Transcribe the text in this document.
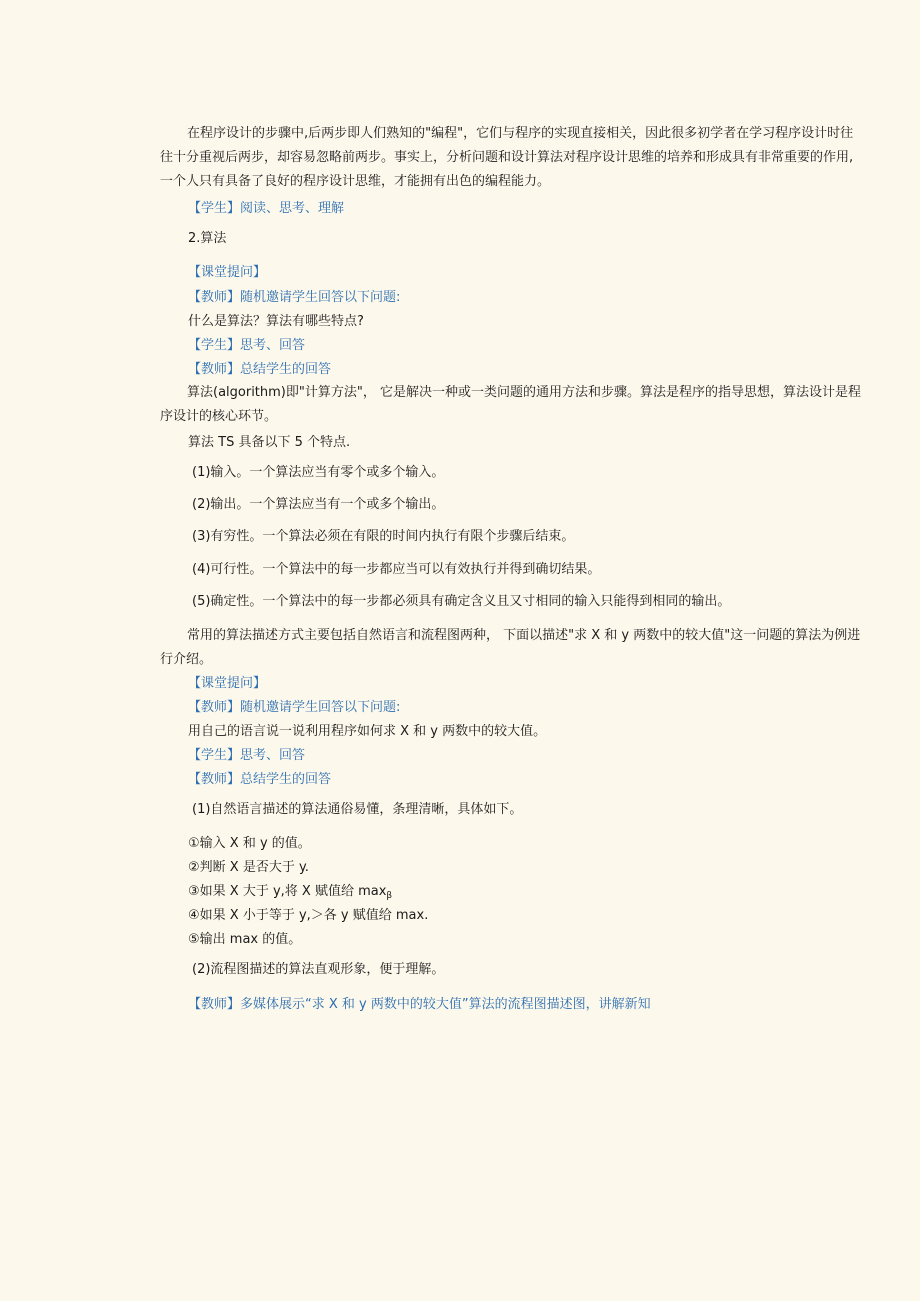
在程序设计的步骤中,后两步即人们熟知的"编程"，它们与程序的实现直接相关，因此很多初学者在学习程序设计时往往十分重视后两步，却容易忽略前两步。事实上，分析问题和设计算法对程序设计思维的培养和形成具有非常重要的作用,一个人只有具备了良好的程序设计思维，才能拥有出色的编程能力。
【学生】阅读、思考、理解
2.算法
【课堂提问】
【教师】随机邀请学生回答以下问题:
什么是算法？算法有哪些特点?
【学生】思考、回答
【教师】总结学生的回答
算法(algorithm)即"计算方法"， 它是解决一种或一类问题的通用方法和步骤。算法是程序的指导思想，算法设计是程序设计的核心环节。
算法 TS 具备以下 5 个特点.
(1)输入。一个算法应当有零个或多个输入。
(2)输出。一个算法应当有一个或多个输出。
(3)有穷性。一个算法必须在有限的时间内执行有限个步骤后结束。
(4)可行性。一个算法中的每一步都应当可以有效执行并得到确切结果。
(5)确定性。一个算法中的每一步都必须具有确定含义且又寸相同的输入只能得到相同的输出。
常用的算法描述方式主要包括自然语言和流程图两种， 下面以描述"求 X 和 y 两数中的较大值"这一问题的算法为例进行介绍。
【课堂提问】
【教师】随机邀请学生回答以下问题:
用自己的语言说一说利用程序如何求 X 和 y 两数中的较大值。
【学生】思考、回答
【教师】总结学生的回答
(1)自然语言描述的算法通俗易懂，条理清晰，具体如下。
①输入 X 和 y 的值。
②判断 X 是否大于 y.
③如果 X 大于 y,将 X 赋值给 $\max_\beta$
④如果 X 小于等于 y,＞各 y 赋值给 max.
⑤输出 max 的值。
(2)流程图描述的算法直观形象，便于理解。
【教师】多媒体展示“求 X 和 y 两数中的较大值”算法的流程图描述图，讲解新知
